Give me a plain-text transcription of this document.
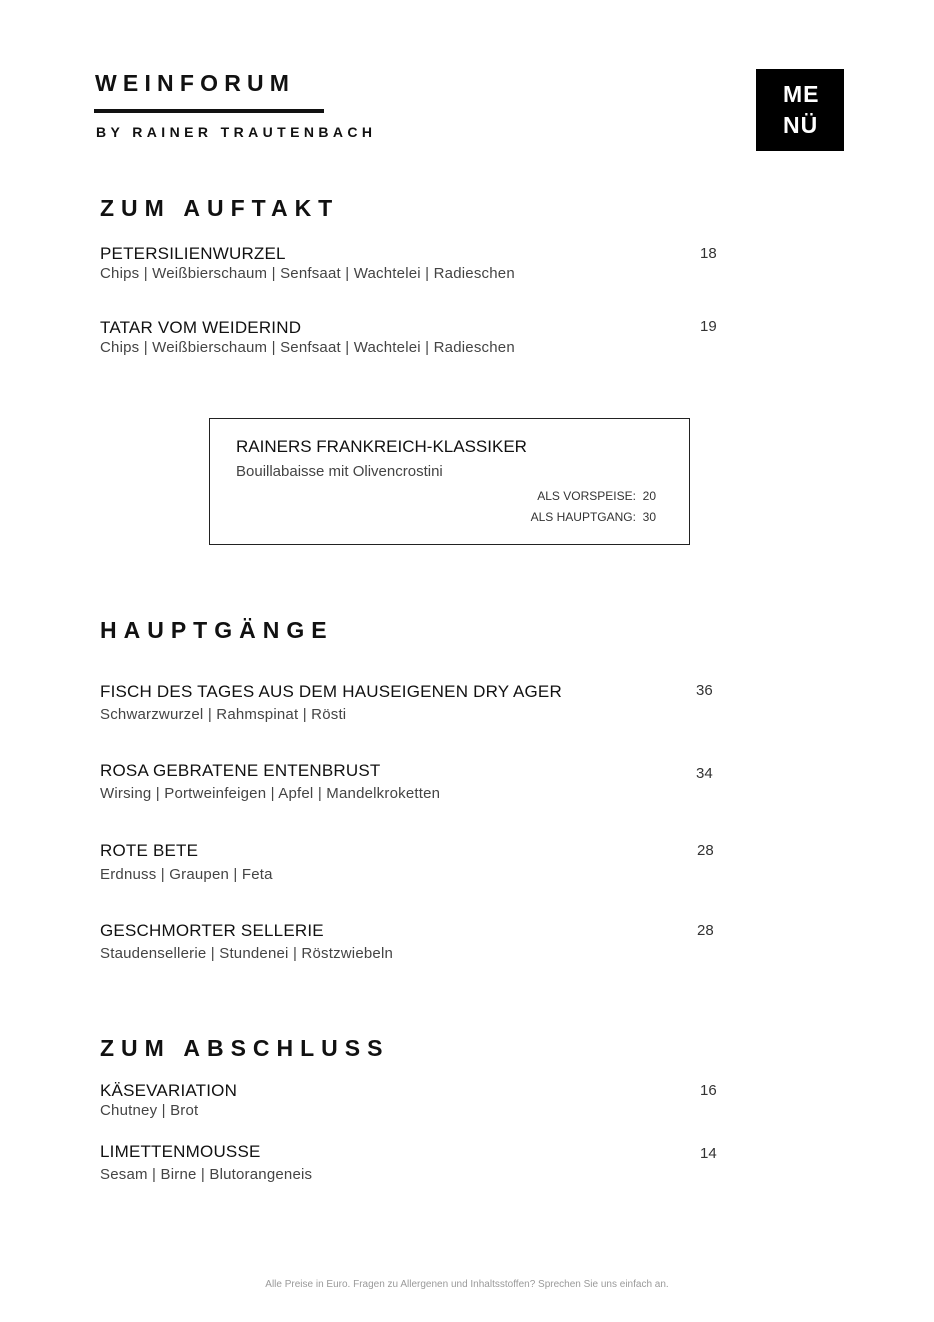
WEINFORUM
BY RAINER TRAUTENBACH
ME
NÜ
ZUM AUFTAKT
PETERSILIENWURZEL
Chips | Weißbierschaum | Senfsaat | Wachtelei | Radieschen
18
TATAR VOM WEIDERIND
Chips | Weißbierschaum | Senfsaat | Wachtelei | Radieschen
19
RAINERS FRANKREICH-KLASSIKER
Bouillabaisse mit Olivencrostini
ALS VORSPEISE: 20
ALS HAUPTGANG: 30
HAUPTGÄNGE
FISCH DES TAGES AUS DEM HAUSEIGENEN DRY AGER
Schwarzwurzel | Rahmspinat | Rösti
36
ROSA GEBRATENE ENTENBRUST
Wirsing | Portweinfeigen | Apfel | Mandelkroketten
34
ROTE BETE
Erdnuss | Graupen | Feta
28
GESCHMORTER SELLERIE
Staudensellerie | Stundenei | Röstzwiebeln
28
ZUM ABSCHLUSS
KÄSEVARIATION
Chutney | Brot
16
LIMETTENMOUSSE
Sesam | Birne | Blutorangeneis
14
Alle Preise in Euro. Fragen zu Allergenen und Inhaltsstoffen? Sprechen Sie uns einfach an.
